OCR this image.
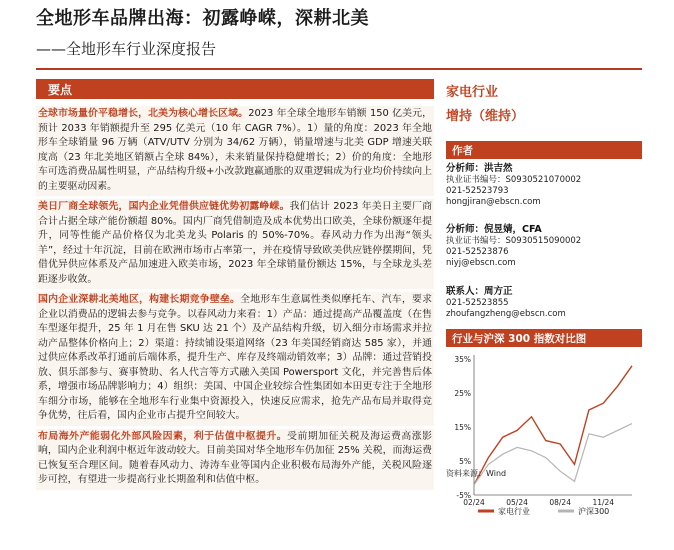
全地形车品牌出海：初露峥嵘，深耕北美
——全地形车行业深度报告
要点

全球市场量价平稳增长，北美为核心增长区域。2023 年全球全地形车销额 150 亿美元，预计 2033 年销额提升至 295 亿美元（10 年 CAGR 7%）。1）量的角度：2023 年全地形车全球销量 96 万辆（ATV/UTV 分别为 34/62 万辆），销量增速与北美 GDP 增速关联度高（23 年北美地区销额占全球 84%），未来销量保持稳健增长；2）价的角度：全地形车可选消费品属性明显，产品结构升级+小改款跑赢通胀的双重逻辑成为行业均价持续向上的主要驱动因素。

美日厂商全球领先，国内企业凭借供应链优势初露峥嵘。我们估计 2023 年美日主要厂商合计占据全球产能份额超 80%。国内厂商凭借制造及成本优势出口欧美，全球份额逐年提升，同等性能产品价格仅为北美龙头 Polaris 的 50%-70%。春风动力作为出海“领头羊”，经过十年沉淀，目前在欧洲市场市占率第一，并在疫情导致欧美供应链停摆期间，凭借优异供应体系及产品加速进入欧美市场，2023 年全球销量份额达 15%，与全球龙头差距逐步收敛。

国内企业深耕北美地区，构建长期竞争壁垒。全地形车生意属性类似摩托车、汽车，要求企业以消费品的逻辑去参与竞争。以春风动力来看：1）产品：通过提高产品覆盖度（在售车型逐年提升，25 年 1 月在售 SKU 达 21 个）及产品结构升级，切入细分市场需求并拉动产品整体价格向上；2）渠道：持续铺设渠道网络（23 年美国经销商达 585 家），并通过供应体系改革打通前后端体系，提升生产、库存及终端动销效率；3）品牌：通过营销投放、俱乐部参与、赛事赞助、名人代言等方式融入美国 Powersport 文化，并完善售后体系，增强市场品牌影响力；4）组织：美国、中国企业较综合性集团如本田更专注于全地形车细分市场，能够在全地形车行业集中资源投入，快速反应需求，抢先产品布局并取得竞争优势，往后看，国内企业市占提升空间较大。

布局海外产能弱化外部风险因素，利于估值中枢提升。受前期加征关税及海运费高涨影响，国内企业利润中枢近年波动较大。目前美国对华全地形车仍加征 25% 关税，而海运费已恢复至合理区间。随着春风动力、涛涛车业等国内企业积极布局海外产能，关税风险逐步可控，有望进一步提高行业长期盈利和估值中枢。

家电行业
增持（维持）
作者
分析师：洪吉然
执业证书编号：S0930521070002
021-52523793
hongjiran@ebscn.com
分析师：倪昱婧，CFA
执业证书编号：S0930515090002
021-52523876
niyj@ebscn.com
联系人：周方正
021-52523855
zhoufangzheng@ebscn.com
行业与沪深 300 指数对比图
-5%
5%
15%
25%
35%
02/24	05/24	08/24	11/24
家电行业	沪深300
资料来源：Wind
